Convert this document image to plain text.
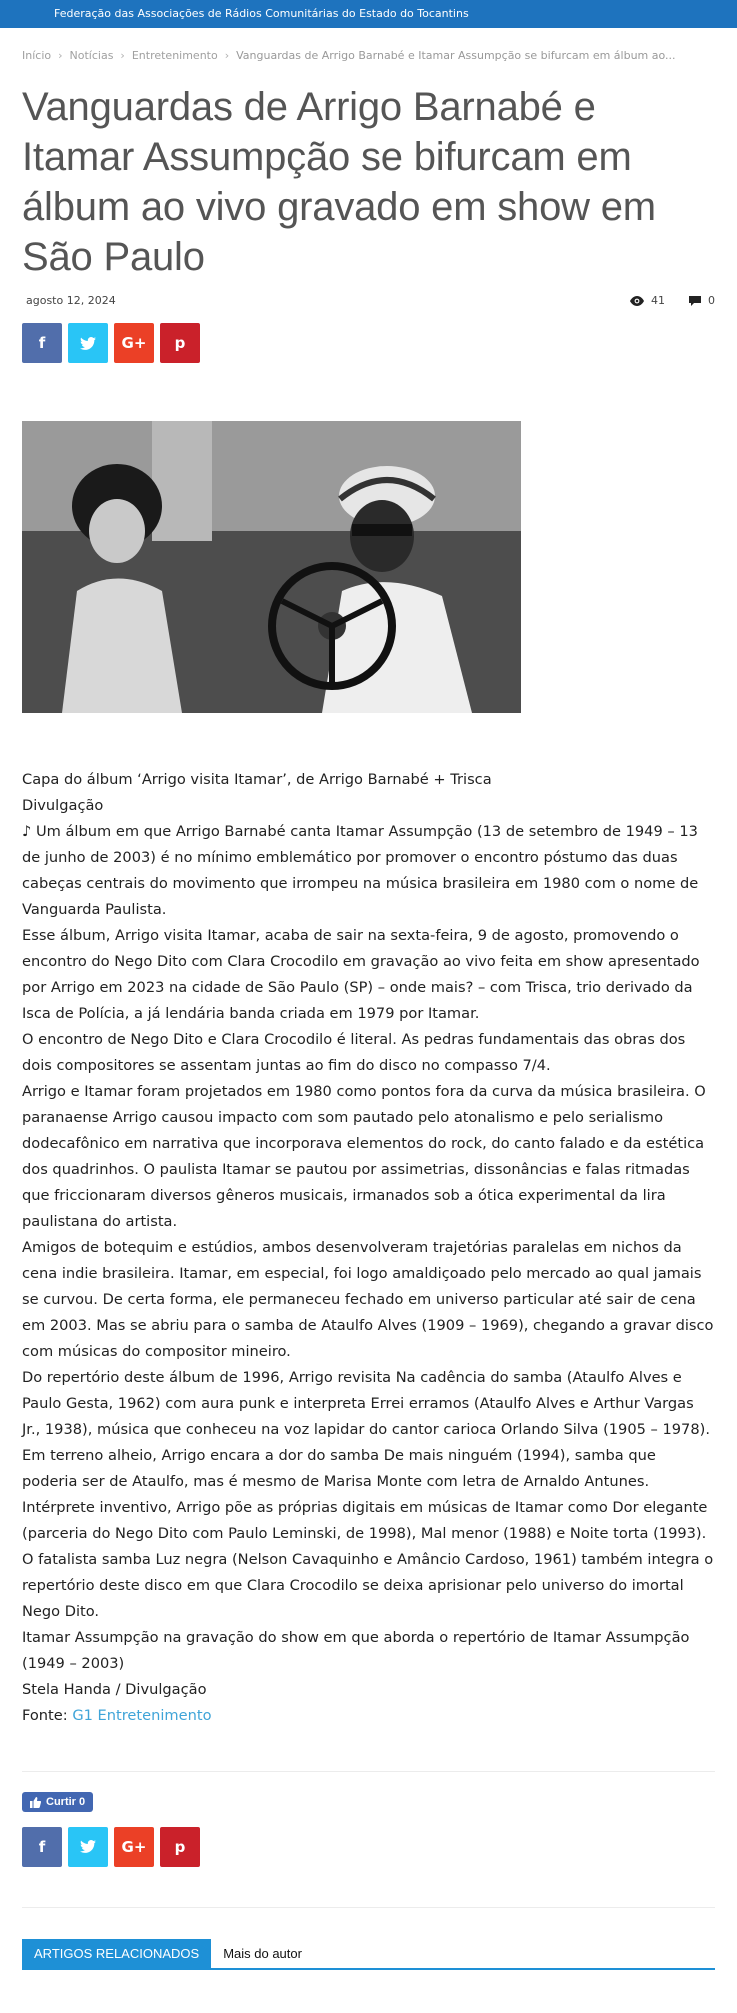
Federação das Associações de Rádios Comunitárias do Estado do Tocantins
Início › Notícias › Entretenimento › Vanguardas de Arrigo Barnabé e Itamar Assumpção se bifurcam em álbum ao...
Vanguardas de Arrigo Barnabé e Itamar Assumpção se bifurcam em álbum ao vivo gravado em show em São Paulo
agosto 12, 2024	41	0
f	G+ p

Capa do álbum ‘Arrigo visita Itamar’, de Arrigo Barnabé + Trisca

Divulgação

♪ Um álbum em que Arrigo Barnabé canta Itamar Assumpção (13 de setembro de 1949 – 13 de junho de 2003) é no mínimo emblemático por promover o encontro póstumo das duas cabeças centrais do movimento que irrompeu na música brasileira em 1980 com o nome de Vanguarda Paulista.

Esse álbum, Arrigo visita Itamar, acaba de sair na sexta-feira, 9 de agosto, promovendo o encontro do Nego Dito com Clara Crocodilo em gravação ao vivo feita em show apresentado por Arrigo em 2023 na cidade de São Paulo (SP) – onde mais? – com Trisca, trio derivado da Isca de Polícia, a já lendária banda criada em 1979 por Itamar.

O encontro de Nego Dito e Clara Crocodilo é literal. As pedras fundamentais das obras dos dois compositores se assentam juntas ao fim do disco no compasso 7/4.

Arrigo e Itamar foram projetados em 1980 como pontos fora da curva da música brasileira. O paranaense Arrigo causou impacto com som pautado pelo atonalismo e pelo serialismo dodecafônico em narrativa que incorporava elementos do rock, do canto falado e da estética dos quadrinhos. O paulista Itamar se pautou por assimetrias, dissonâncias e falas ritmadas que friccionaram diversos gêneros musicais, irmanados sob a ótica experimental da lira paulistana do artista.

Amigos de botequim e estúdios, ambos desenvolveram trajetórias paralelas em nichos da cena indie brasileira. Itamar, em especial, foi logo amaldiçoado pelo mercado ao qual jamais se curvou. De certa forma, ele permaneceu fechado em universo particular até sair de cena em 2003. Mas se abriu para o samba de Ataulfo Alves (1909 – 1969), chegando a gravar disco com músicas do compositor mineiro.

Do repertório deste álbum de 1996, Arrigo revisita Na cadência do samba (Ataulfo Alves e Paulo Gesta, 1962) com aura punk e interpreta Errei erramos (Ataulfo Alves e Arthur Vargas Jr., 1938), música que conheceu na voz lapidar do cantor carioca Orlando Silva (1905 – 1978).

Em terreno alheio, Arrigo encara a dor do samba De mais ninguém (1994), samba que poderia ser de Ataulfo, mas é mesmo de Marisa Monte com letra de Arnaldo Antunes.

Intérprete inventivo, Arrigo põe as próprias digitais em músicas de Itamar como Dor elegante (parceria do Nego Dito com Paulo Leminski, de 1998), Mal menor (1988) e Noite torta (1993).

O fatalista samba Luz negra (Nelson Cavaquinho e Amâncio Cardoso, 1961) também integra o repertório deste disco em que Clara Crocodilo se deixa aprisionar pelo universo do imortal Nego Dito.

Itamar Assumpção na gravação do show em que aborda o repertório de Itamar Assumpção (1949 – 2003)

Stela Handa / Divulgação

Fonte: G1 Entretenimento

Curtir 0
f	G+ p
ARTIGOS RELACIONADOS	Mais do autor
